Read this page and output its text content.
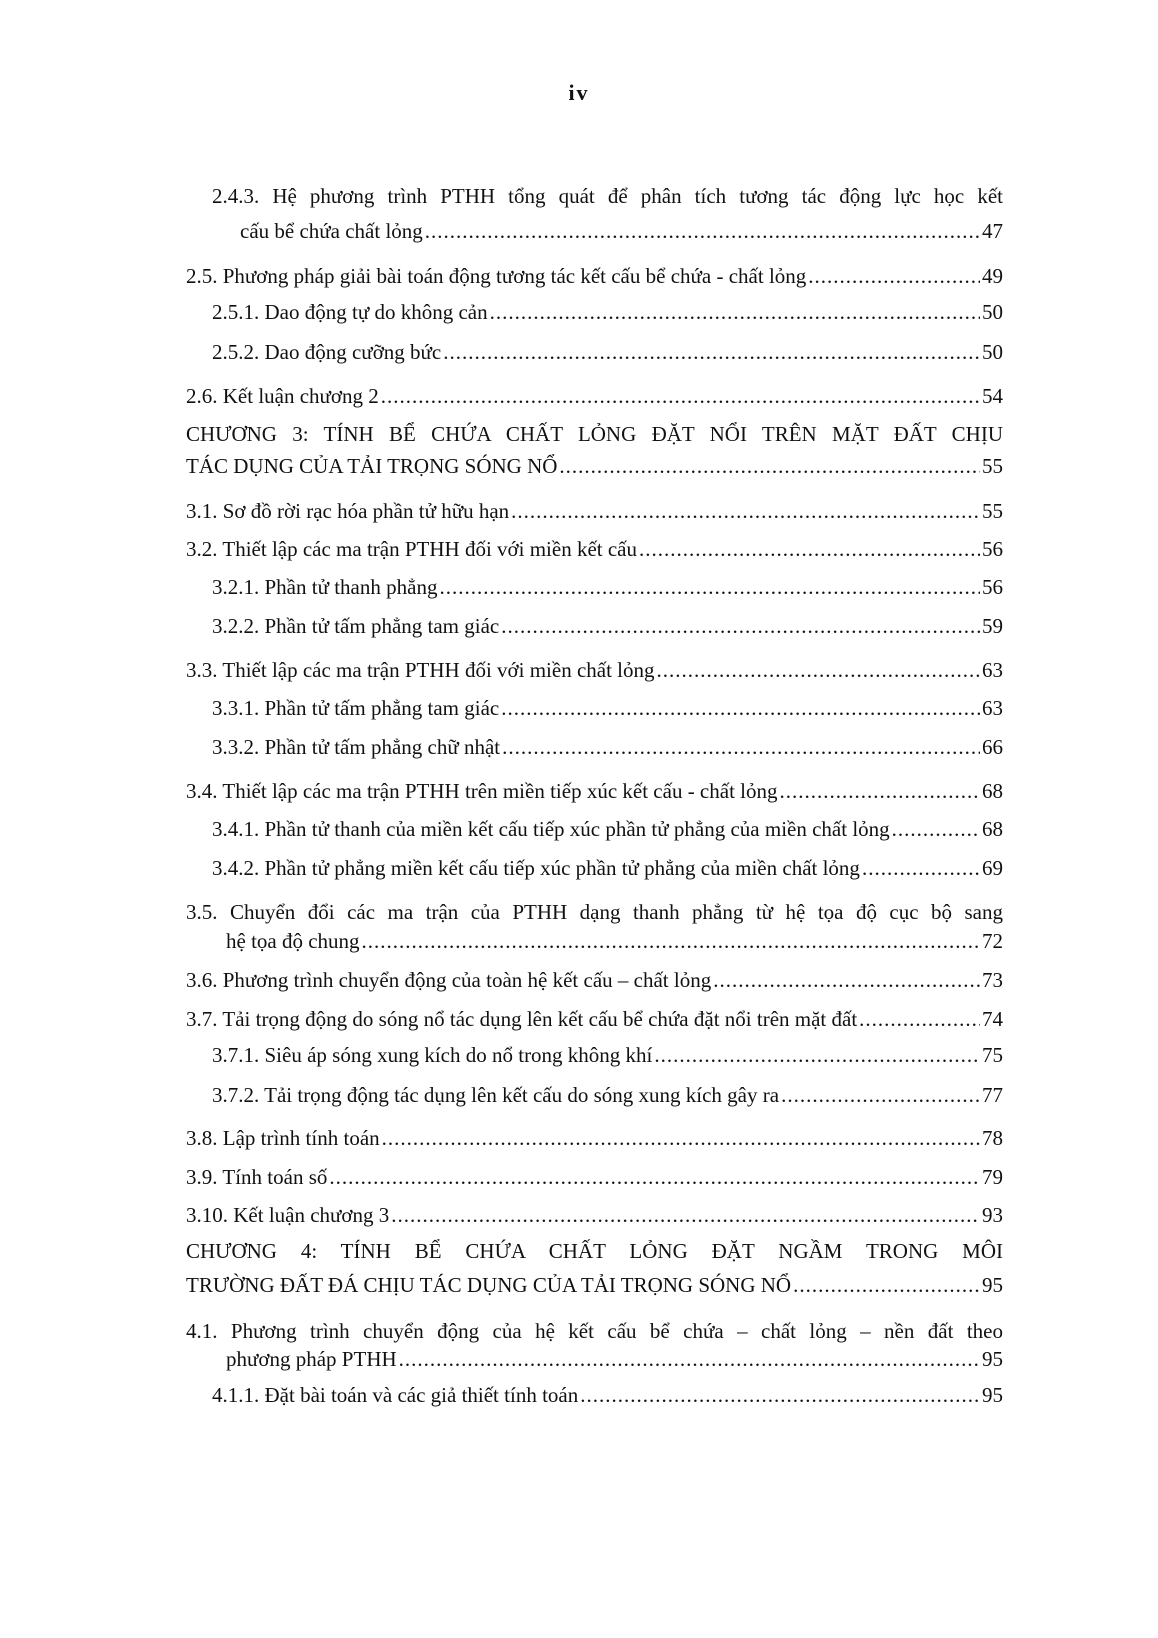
iv
2.4.3. Hệ phương trình PTHH tổng quát để phân tích tương tác động lực học kết
cấu bể chứa chất lỏng .....	47
2.5. Phương pháp giải bài toán động tương tác kết cấu bể chứa - chất lỏng .....	49
2.5.1. Dao động tự do không cản .....	50
2.5.2. Dao động cưỡng bức .....	50
2.6. Kết luận chương 2 .....	54
CHƯƠNG 3: TÍNH BỂ CHỨA CHẤT LỎNG ĐẶT NỔI TRÊN MẶT ĐẤT CHỊU
TÁC DỤNG CỦA TẢI TRỌNG SÓNG NỔ .....	55
3.1. Sơ đồ rời rạc hóa phần tử hữu hạn .....	55
3.2. Thiết lập các ma trận PTHH đối với miền kết cấu .....	56
3.2.1. Phần tử thanh phẳng .....	56
3.2.2. Phần tử tấm phẳng tam giác .....	59
3.3. Thiết lập các ma trận PTHH đối với miền chất lỏng .....	63
3.3.1. Phần tử tấm phẳng tam giác .....	63
3.3.2. Phần tử tấm phẳng chữ nhật .....	66
3.4. Thiết lập các ma trận PTHH trên miền tiếp xúc kết cấu - chất lỏng .....	68
3.4.1. Phần tử thanh của miền kết cấu tiếp xúc phần tử phẳng của miền chất lỏng .....	68
3.4.2. Phần tử phẳng miền kết cấu tiếp xúc phần tử phẳng của miền chất lỏng .....	69
3.5. Chuyển đổi các ma trận của PTHH dạng thanh phẳng từ hệ tọa độ cục bộ sang
hệ tọa độ chung .....	72
3.6. Phương trình chuyển động của toàn hệ kết cấu – chất lỏng .....	73
3.7. Tải trọng động do sóng nổ tác dụng lên kết cấu bể chứa đặt nổi trên mặt đất .....	74
3.7.1. Siêu áp sóng xung kích do nổ trong không khí .....	75
3.7.2. Tải trọng động tác dụng lên kết cấu do sóng xung kích gây ra .....	77
3.8. Lập trình tính toán .....	78
3.9. Tính toán số .....	79
3.10. Kết luận chương 3 .....	93
CHƯƠNG 4: TÍNH BỂ CHỨA CHẤT LỎNG ĐẶT NGẦM TRONG MÔI
TRƯỜNG ĐẤT ĐÁ CHỊU TÁC DỤNG CỦA TẢI TRỌNG SÓNG NỔ .....	95
4.1. Phương trình chuyển động của hệ kết cấu bể chứa – chất lỏng – nền đất theo
phương pháp PTHH .....	95
4.1.1. Đặt bài toán và các giả thiết tính toán .....	95
